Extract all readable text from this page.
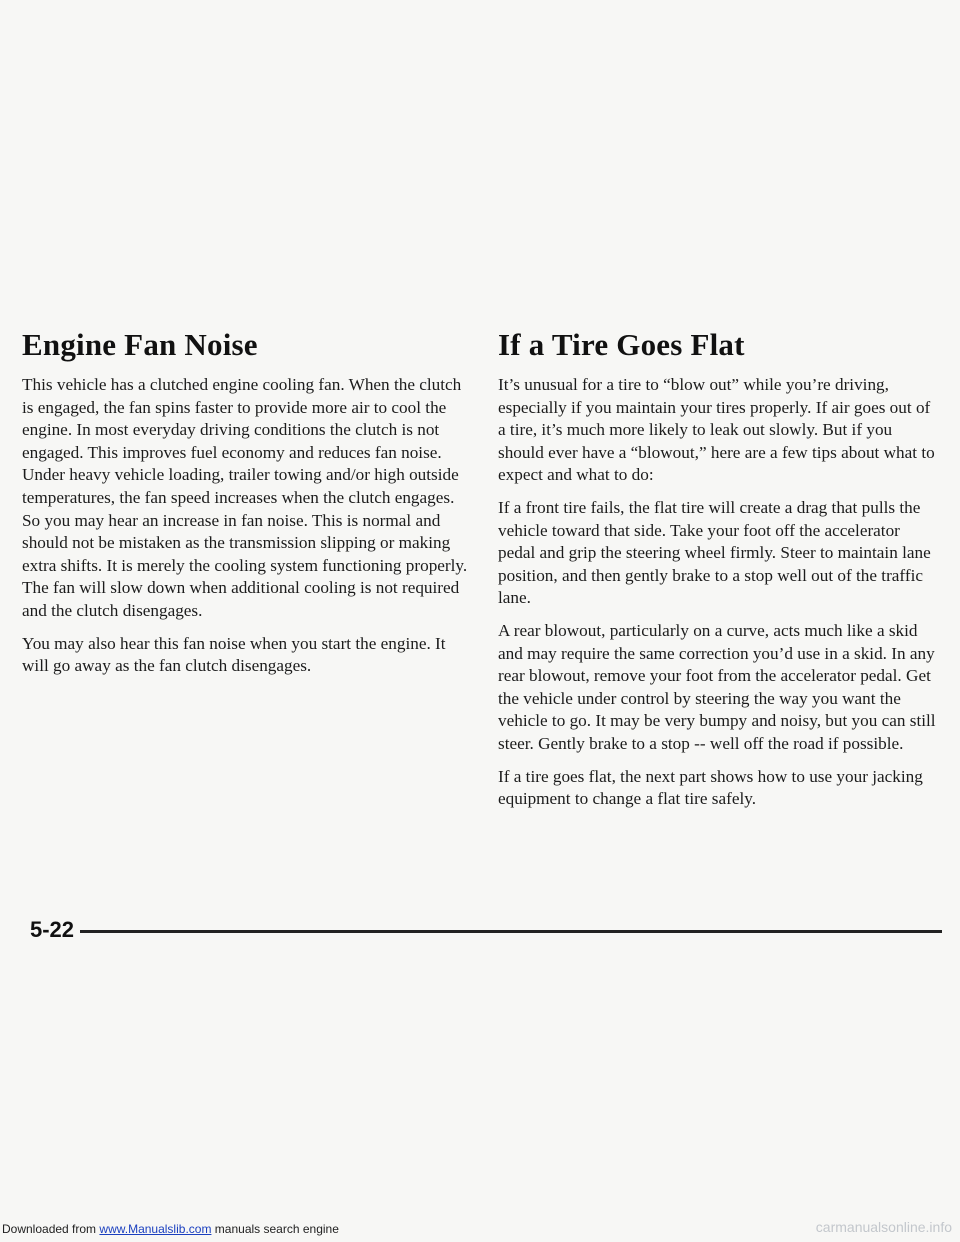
Engine Fan Noise

This vehicle has a clutched engine cooling fan. When the clutch is engaged, the fan spins faster to provide more air to cool the engine. In most everyday driving conditions the clutch is not engaged. This improves fuel economy and reduces fan noise. Under heavy vehicle loading, trailer towing and/or high outside temperatures, the fan speed increases when the clutch engages. So you may hear an increase in fan noise. This is normal and should not be mistaken as the transmission slipping or making extra shifts. It is merely the cooling system functioning properly. The fan will slow down when additional cooling is not required and the clutch disengages.

You may also hear this fan noise when you start the engine. It will go away as the fan clutch disengages.

If a Tire Goes Flat

It’s unusual for a tire to “blow out” while you’re driving, especially if you maintain your tires properly. If air goes out of a tire, it’s much more likely to leak out slowly. But if you should ever have a “blowout,” here are a few tips about what to expect and what to do:

If a front tire fails, the flat tire will create a drag that pulls the vehicle toward that side. Take your foot off the accelerator pedal and grip the steering wheel firmly. Steer to maintain lane position, and then gently brake to a stop well out of the traffic lane.

A rear blowout, particularly on a curve, acts much like a skid and may require the same correction you’d use in a skid. In any rear blowout, remove your foot from the accelerator pedal. Get the vehicle under control by steering the way you want the vehicle to go. It may be very bumpy and noisy, but you can still steer. Gently brake to a stop -- well off the road if possible.

If a tire goes flat, the next part shows how to use your jacking equipment to change a flat tire safely.

5-22
Downloaded from www.Manualslib.com manuals search engine	carmanualsonline.info
